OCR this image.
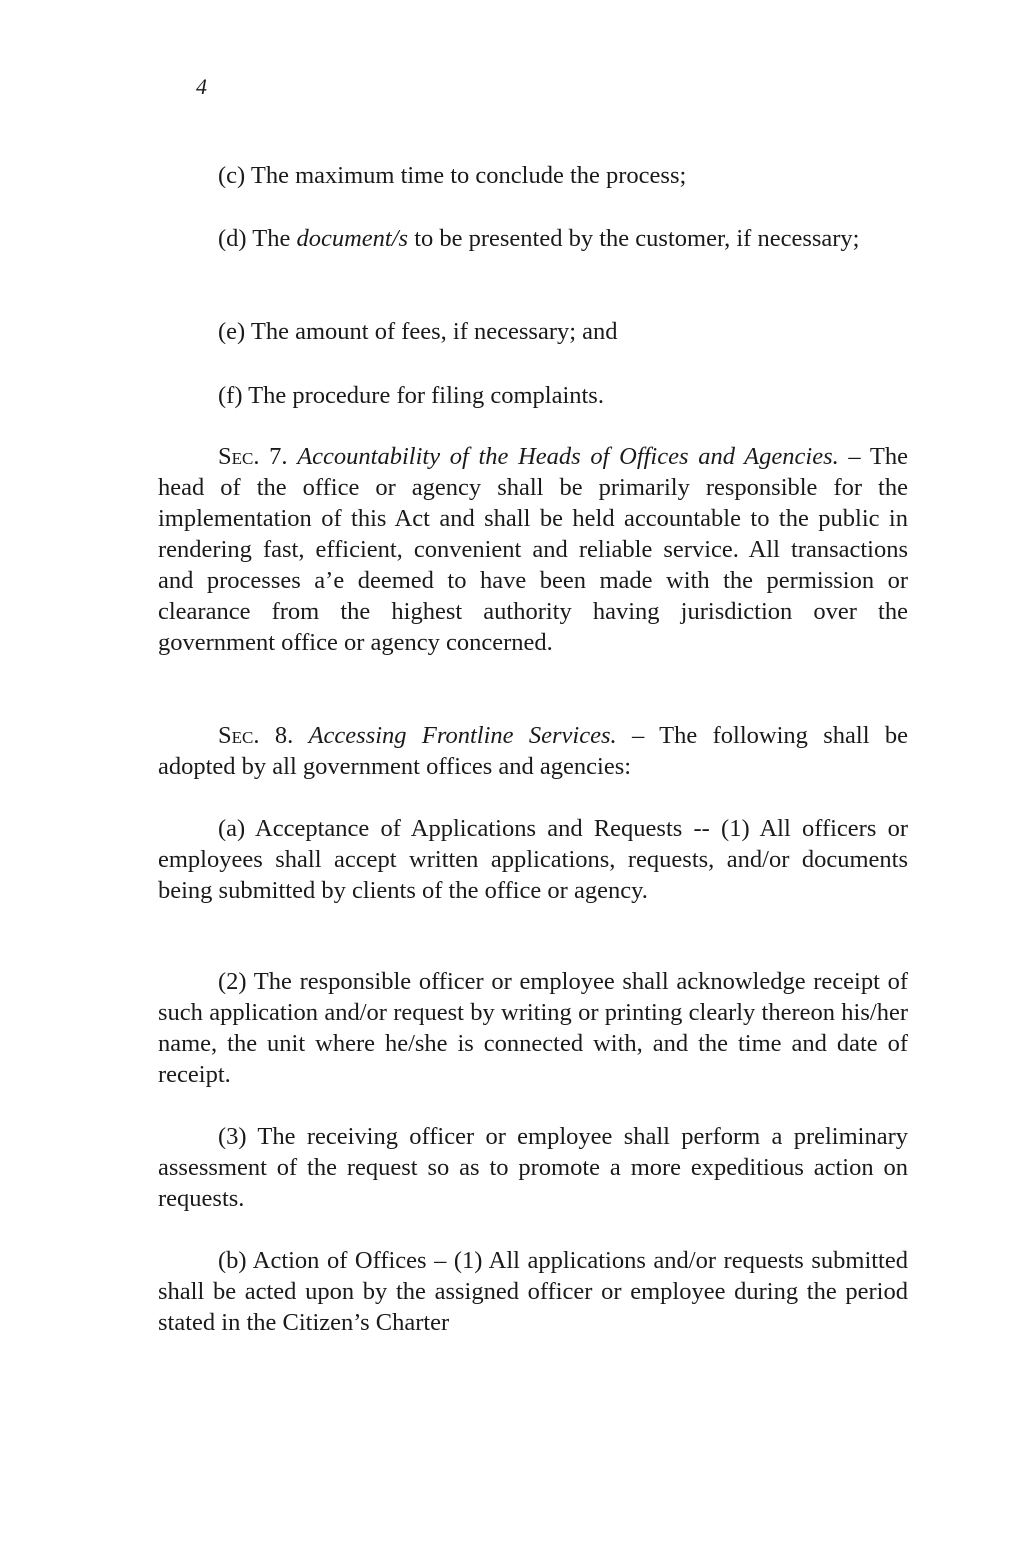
4

(c) The maximum time to conclude the process;

(d) The document/s to be presented by the customer, if necessary;

(e) The amount of fees, if necessary; and

(f) The procedure for filing complaints.

Sec. 7. Accountability of the Heads of Offices and Agencies. – The head of the office or agency shall be primarily responsible for the implementation of this Act and shall be held accountable to the public in rendering fast, efficient, convenient and reliable service. All transactions and processes a’e deemed to have been made with the permission or clearance from the highest authority having jurisdiction over the government office or agency concerned.

Sec. 8. Accessing Frontline Services. – The following shall be adopted by all government offices and agencies:

(a) Acceptance of Applications and Requests -- (1) All officers or employees shall accept written applications, requests, and/or documents being submitted by clients of the office or agency.

(2) The responsible officer or employee shall acknowledge receipt of such application and/or request by writing or printing clearly thereon his/her name, the unit where he/she is connected with, and the time and date of receipt.

(3) The receiving officer or employee shall perform a preliminary assessment of the request so as to promote a more expeditious action on requests.

(b) Action of Offices – (1) All applications and/or requests submitted shall be acted upon by the assigned officer or employee during the period stated in the Citizen’s Charter
